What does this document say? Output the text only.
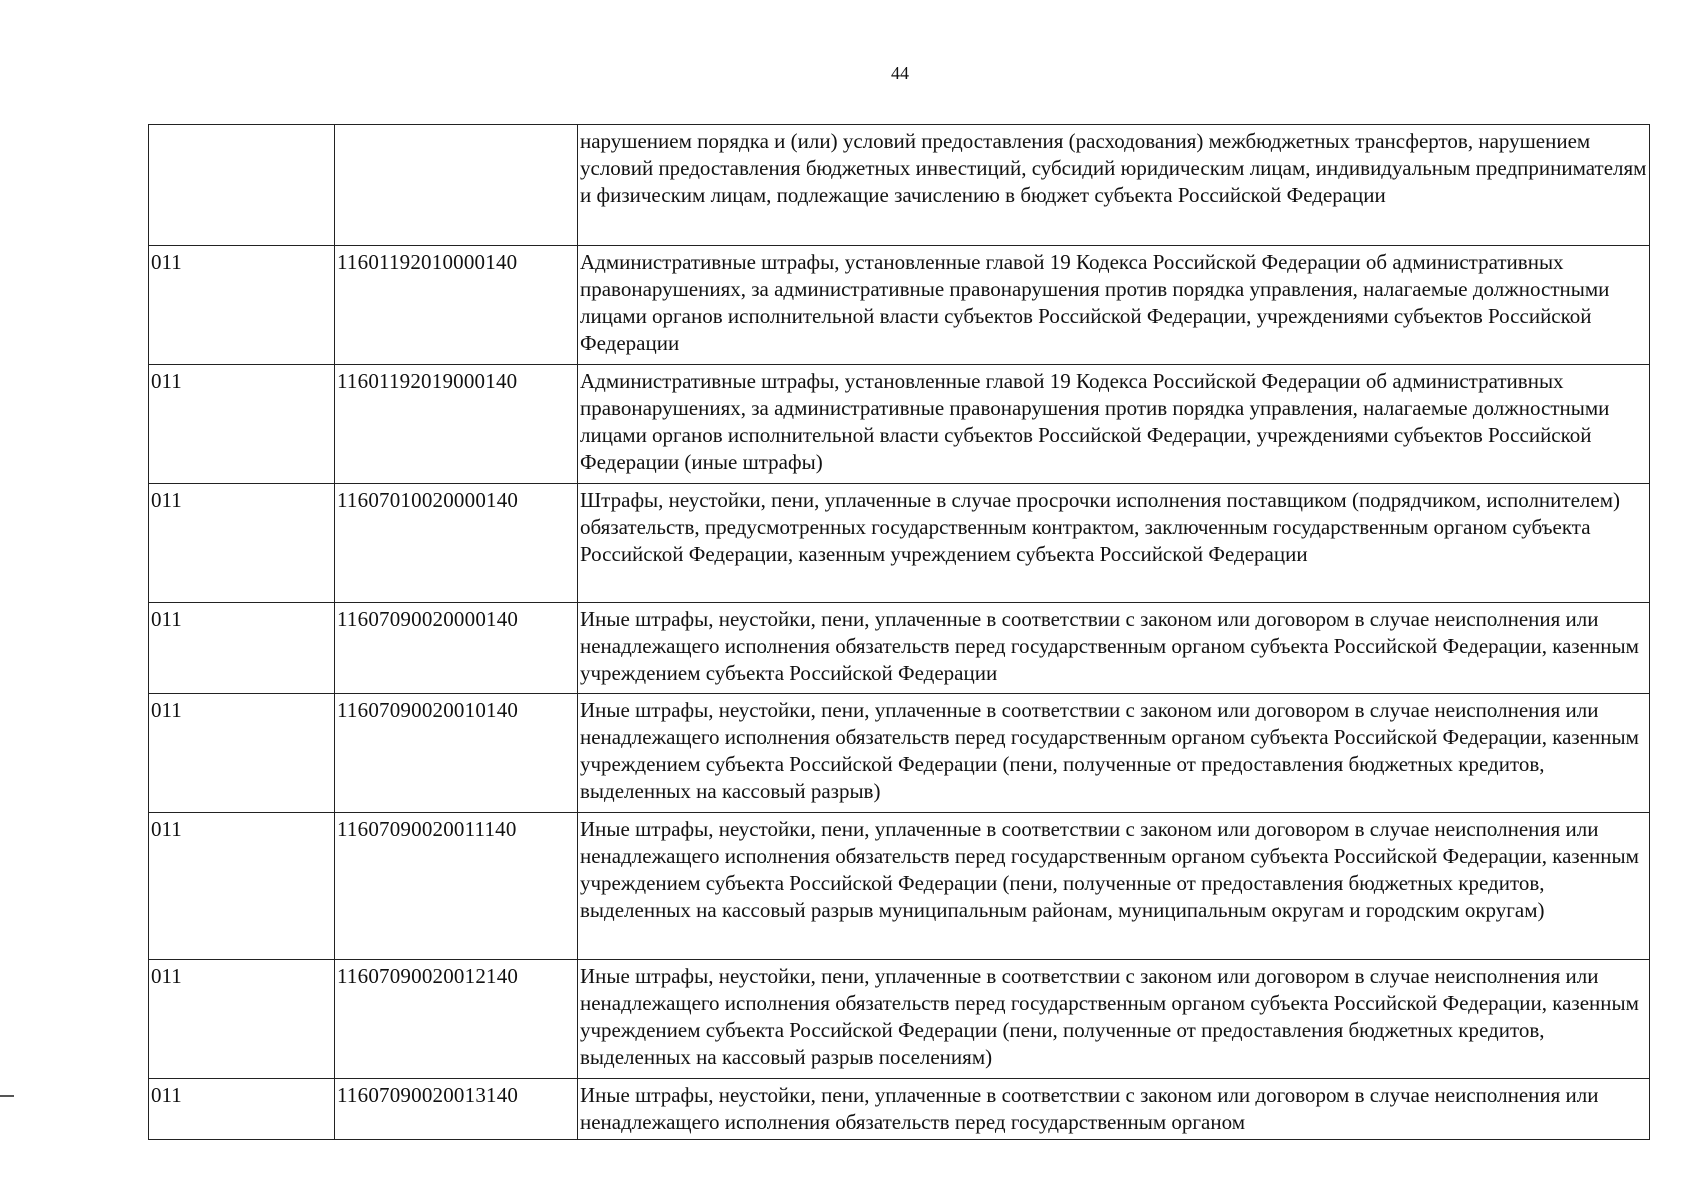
44
		нарушением порядка и (или) условий предоставления (расходования) межбюджетных трансфертов, нарушением условий предоставления бюджетных инвестиций, субсидий юридическим лицам, индивидуальным предпринимателям и физическим лицам, подлежащие зачислению в бюджет субъекта Российской Федерации
011	11601192010000140	Административные штрафы, установленные главой 19 Кодекса Российской Федерации об административных правонарушениях, за административные правонарушения против порядка управления, налагаемые должностными лицами органов исполнительной власти субъектов Российской Федерации, учреждениями субъектов Российской Федерации
011	11601192019000140	Административные штрафы, установленные главой 19 Кодекса Российской Федерации об административных правонарушениях, за административные правонарушения против порядка управления, налагаемые должностными лицами органов исполнительной власти субъектов Российской Федерации, учреждениями субъектов Российской Федерации (иные штрафы)
011	11607010020000140	Штрафы, неустойки, пени, уплаченные в случае просрочки исполнения поставщиком (подрядчиком, исполнителем) обязательств, предусмотренных государственным контрактом, заключенным государственным органом субъекта Российской Федерации, казенным учреждением субъекта Российской Федерации
011	11607090020000140	Иные штрафы, неустойки, пени, уплаченные в соответствии с законом или договором в случае неисполнения или ненадлежащего исполнения обязательств перед государственным органом субъекта Российской Федерации, казенным учреждением субъекта Российской Федерации
011	11607090020010140	Иные штрафы, неустойки, пени, уплаченные в соответствии с законом или договором в случае неисполнения или ненадлежащего исполнения обязательств перед государственным органом субъекта Российской Федерации, казенным учреждением субъекта Российской Федерации (пени, полученные от предоставления бюджетных кредитов, выделенных на кассовый разрыв)
011	11607090020011140	Иные штрафы, неустойки, пени, уплаченные в соответствии с законом или договором в случае неисполнения или ненадлежащего исполнения обязательств перед государственным органом субъекта Российской Федерации, казенным учреждением субъекта Российской Федерации (пени, полученные от предоставления бюджетных кредитов, выделенных на кассовый разрыв муниципальным районам, муниципальным округам и городским округам)
011	11607090020012140	Иные штрафы, неустойки, пени, уплаченные в соответствии с законом или договором в случае неисполнения или ненадлежащего исполнения обязательств перед государственным органом субъекта Российской Федерации, казенным учреждением субъекта Российской Федерации (пени, полученные от предоставления бюджетных кредитов, выделенных на кассовый разрыв поселениям)
011	11607090020013140	Иные штрафы, неустойки, пени, уплаченные в соответствии с законом или договором в случае неисполнения или ненадлежащего исполнения обязательств перед государственным органом
